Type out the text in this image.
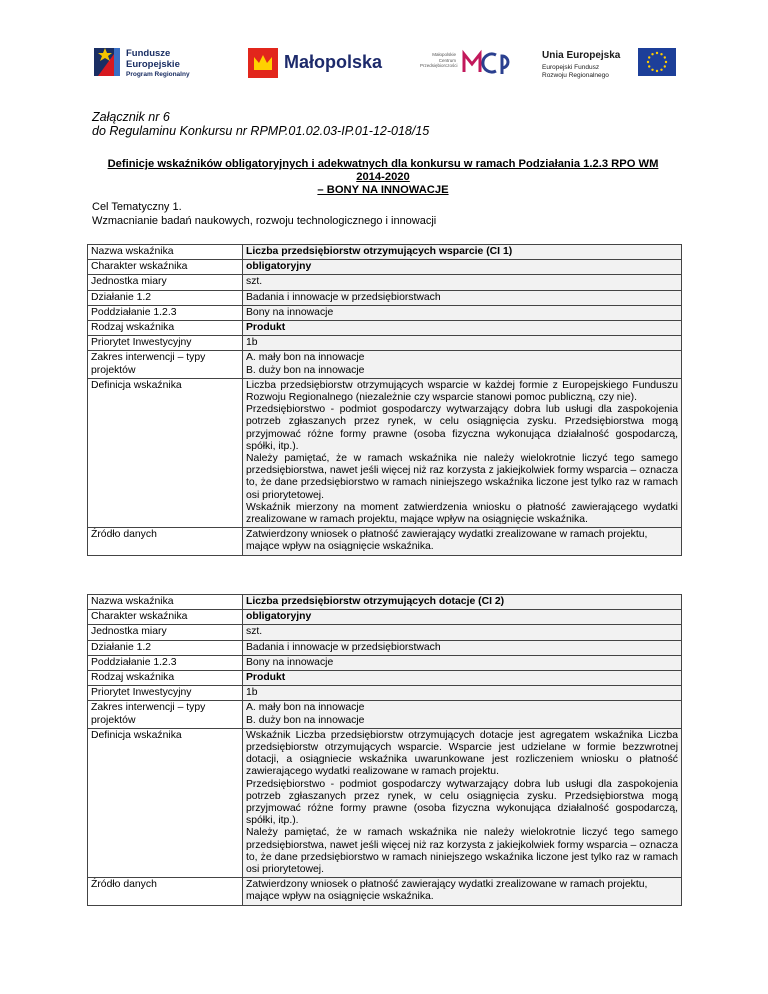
Fundusze
Europejskie
Program Regionalny
Małopolska	Małopolskie Centrum Przedsiębiorczości
Unia Europejska
Europejski Fundusz
Rozwoju Regionalnego
Załącznik nr 6
do Regulaminu Konkursu nr RPMP.01.02.03-IP.01-12-018/15
Definicje wskaźników obligatoryjnych i adekwatnych dla konkursu w ramach Podziałania 1.2.3 RPO WM 2014-2020
– BONY NA INNOWACJE
Cel Tematyczny 1.
Wzmacnianie badań naukowych, rozwoju technologicznego i innowacji
Nazwa wskaźnika	Liczba przedsiębiorstw otrzymujących wsparcie (CI 1)
Charakter wskaźnika	obligatoryjny
Jednostka miary	szt.
Działanie 1.2	Badania i innowacje w przedsiębiorstwach
Poddziałanie 1.2.3	Bony na innowacje
Rodzaj wskaźnika	Produkt
Priorytet Inwestycyjny	1b
Zakres interwencji – typy projektów	A. mały bon na innowacje
B. duży bon na innowacje

Definicja wskaźnika	Liczba przedsiębiorstw otrzymujących wsparcie w każdej formie z Europejskiego Funduszu Rozwoju Regionalnego (niezależnie czy wsparcie stanowi pomoc publiczną, czy nie).
Przedsiębiorstwo - podmiot gospodarczy wytwarzający dobra lub usługi dla zaspokojenia potrzeb zgłaszanych przez rynek, w celu osiągnięcia zysku. Przedsiębiorstwa mogą przyjmować różne formy prawne (osoba fizyczna wykonująca działalność gospodarczą, spółki, itp.).
Należy pamiętać, że w ramach wskaźnika nie należy wielokrotnie liczyć tego samego przedsiębiorstwa, nawet jeśli więcej niż raz korzysta z jakiejkolwiek formy wsparcia – oznacza to, że dane przedsiębiorstwo w ramach niniejszego wskaźnika liczone jest tylko raz w ramach osi priorytetowej.
Wskaźnik mierzony na moment zatwierdzenia wniosku o płatność zawierającego wydatki zrealizowane w ramach projektu, mające wpływ na osiągnięcie wskaźnika.

Źródło danych	Zatwierdzony wniosek o płatność zawierający wydatki zrealizowane w ramach projektu, mające wpływ na osiągnięcie wskaźnika.
Nazwa wskaźnika	Liczba przedsiębiorstw otrzymujących dotacje (CI 2)
Charakter wskaźnika	obligatoryjny
Jednostka miary	szt.
Działanie 1.2	Badania i innowacje w przedsiębiorstwach
Poddziałanie 1.2.3	Bony na innowacje
Rodzaj wskaźnika	Produkt
Priorytet Inwestycyjny	1b
Zakres interwencji – typy projektów	A. mały bon na innowacje
B. duży bon na innowacje

Definicja wskaźnika	Wskaźnik Liczba przedsiębiorstw otrzymujących dotacje jest agregatem wskaźnika Liczba przedsiębiorstw otrzymujących wsparcie. Wsparcie jest udzielane w formie bezzwrotnej dotacji, a osiągniecie wskaźnika uwarunkowane jest rozliczeniem wniosku o płatność zawierającego wydatki realizowane w ramach projektu.
Przedsiębiorstwo - podmiot gospodarczy wytwarzający dobra lub usługi dla zaspokojenia potrzeb zgłaszanych przez rynek, w celu osiągnięcia zysku. Przedsiębiorstwa mogą przyjmować różne formy prawne (osoba fizyczna wykonująca działalność gospodarczą, spółki, itp.).
Należy pamiętać, że w ramach wskaźnika nie należy wielokrotnie liczyć tego samego przedsiębiorstwa, nawet jeśli więcej niż raz korzysta z jakiejkolwiek formy wsparcia – oznacza to, że dane przedsiębiorstwo w ramach niniejszego wskaźnika liczone jest tylko raz w ramach osi priorytetowej.

Źródło danych	Zatwierdzony wniosek o płatność zawierający wydatki zrealizowane w ramach projektu, mające wpływ na osiągnięcie wskaźnika.
